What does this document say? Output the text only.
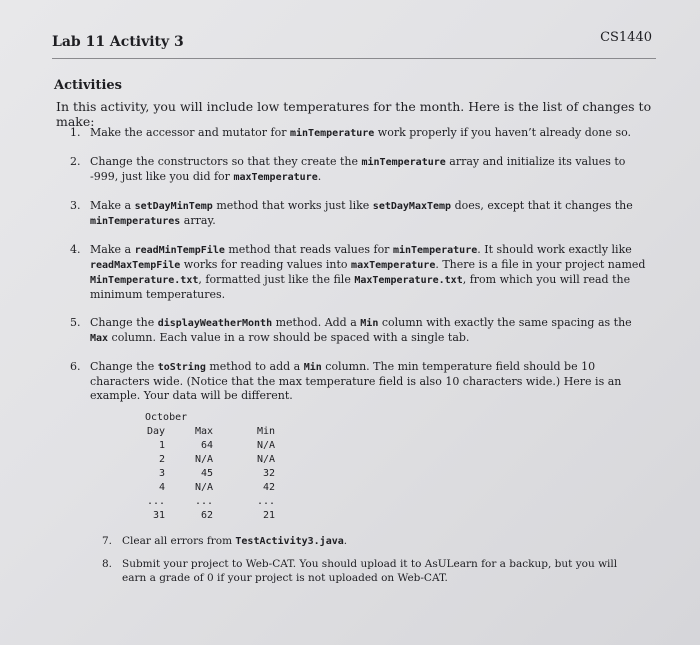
Lab 11 Activity 3	CS1440
Activities
In this activity, you will include low temperatures for the month. Here is the list of changes to make:
1. Make the accessor and mutator for minTemperature work properly if you haven’t already done so.
2. Change the constructors so that they create the minTemperature array and initialize its values to -999, just like you did for maxTemperature.
3. Make a setDayMinTemp method that works just like setDayMaxTemp does, except that it changes the minTemperatures array.
4. Make a readMinTempFile method that reads values for minTemperature. It should work exactly like readMaxTempFile works for reading values into maxTemperature. There is a file in your project named MinTemperature.txt, formatted just like the file MaxTemperature.txt, from which you will read the minimum temperatures.
5. Change the displayWeatherMonth method. Add a Min column with exactly the same spacing as the Max column. Each value in a row should be spaced with a single tab.
6. Change the toString method to add a Min column. The min temperature field should be 10 characters wide. (Notice that the max temperature field is also 10 characters wide.) Here is an example. Your data will be different.
October
Day	Max	Min
1	64	N/A
2	N/A	N/A
3	45	32
4	N/A	42
...	...	...
31	62	21
7. Clear all errors from TestActivity3.java.
8. Submit your project to Web-CAT. You should upload it to AsULearn for a backup, but you will earn a grade of 0 if your project is not uploaded on Web-CAT.
